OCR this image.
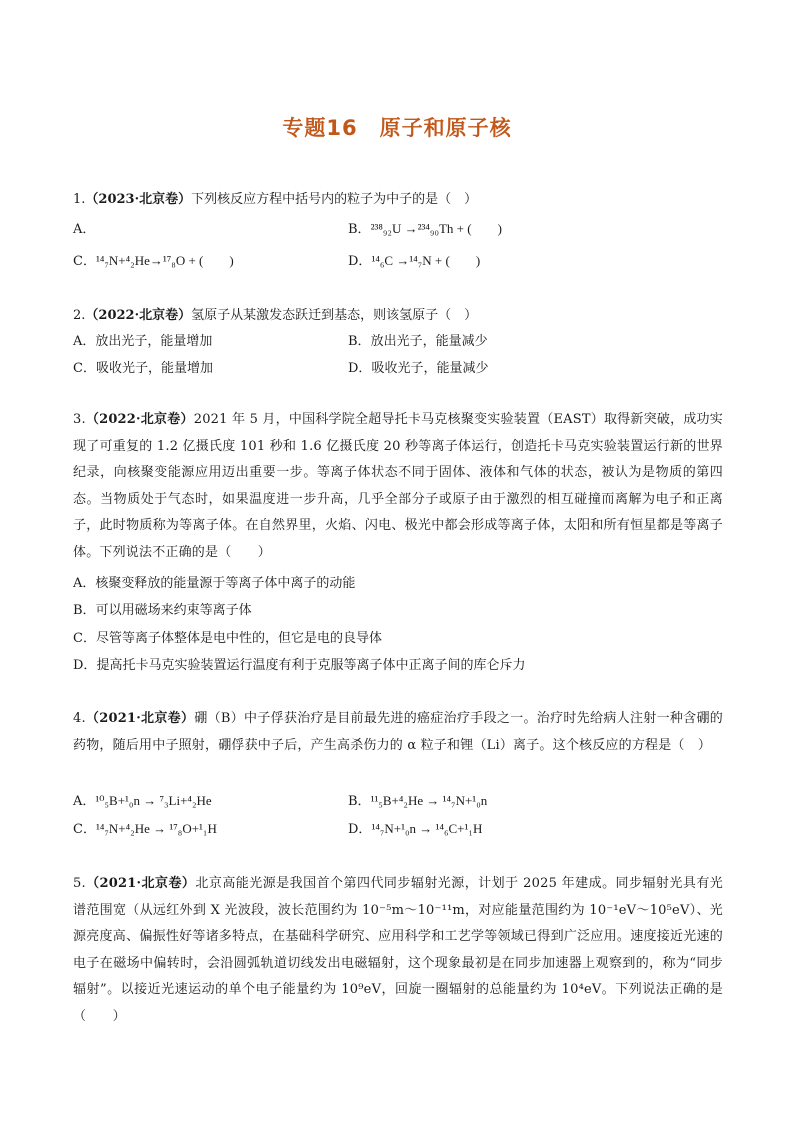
专题16　原子和原子核
1.（2023·北京卷）下列核反应方程中括号内的粒子为中子的是（　）
A．	B．²³⁸₉₂U →²³⁴₉₀Th + (　　)
C．¹⁴₇N+⁴₂He→¹⁷₈O + (　　)	D．¹⁴₆C →¹⁴₇N + (　　)
2.（2022·北京卷）氢原子从某激发态跃迁到基态，则该氢原子（　）
A．放出光子，能量增加	B．放出光子，能量减少
C．吸收光子，能量增加	D．吸收光子，能量减少
3.（2022·北京卷）2021 年 5 月，中国科学院全超导托卡马克核聚变实验装置（EAST）取得新突破，成功实现了可重复的 1.2 亿摄氏度 101 秒和 1.6 亿摄氏度 20 秒等离子体运行，创造托卡马克实验装置运行新的世界纪录，向核聚变能源应用迈出重要一步。等离子体状态不同于固体、液体和气体的状态，被认为是物质的第四态。当物质处于气态时，如果温度进一步升高，几乎全部分子或原子由于激烈的相互碰撞而离解为电子和正离子，此时物质称为等离子体。在自然界里，火焰、闪电、极光中都会形成等离子体，太阳和所有恒星都是等离子体。下列说法不正确的是（　　）
A．核聚变释放的能量源于等离子体中离子的动能
B．可以用磁场来约束等离子体
C．尽管等离子体整体是电中性的，但它是电的良导体
D．提高托卡马克实验装置运行温度有利于克服等离子体中正离子间的库仑斥力
4.（2021·北京卷）硼（B）中子俘获治疗是目前最先进的癌症治疗手段之一。治疗时先给病人注射一种含硼的药物，随后用中子照射，硼俘获中子后，产生高杀伤力的 α 粒子和锂（Li）离子。这个核反应的方程是（　）
A．¹⁰₅B+¹₀n → ⁷₃Li+⁴₂He	B．¹¹₅B+⁴₂He → ¹⁴₇N+¹₀n
C．¹⁴₇N+⁴₂He → ¹⁷₈O+¹₁H	D．¹⁴₇N+¹₀n → ¹⁴₆C+¹₁H
5.（2021·北京卷）北京高能光源是我国首个第四代同步辐射光源，计划于 2025 年建成。同步辐射光具有光谱范围宽（从远红外到 X 光波段，波长范围约为 10⁻⁵m～10⁻¹¹m，对应能量范围约为 10⁻¹eV～10⁵eV）、光源亮度高、偏振性好等诸多特点，在基础科学研究、应用科学和工艺学等领域已得到广泛应用。速度接近光速的电子在磁场中偏转时，会沿圆弧轨道切线发出电磁辐射，这个现象最初是在同步加速器上观察到的，称为“同步辐射”。以接近光速运动的单个电子能量约为 10⁹eV，回旋一圈辐射的总能量约为 10⁴eV。下列说法正确的是（　　）
